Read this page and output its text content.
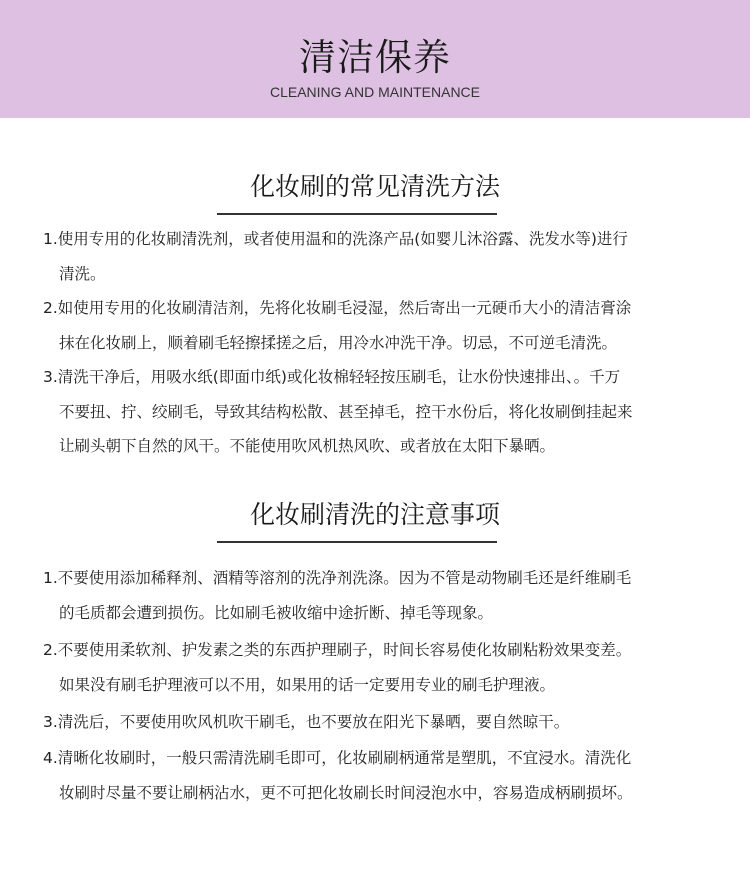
清洁保养
CLEANING AND MAINTENANCE
化妆刷的常见清洗方法
1.使用专用的化妆刷清洗剂，或者使用温和的洗涤产品(如婴儿沐浴露、洗发水等)进行
清洗。
2.如使用专用的化妆刷清洁剂，先将化妆刷毛浸湿，然后寄出一元硬币大小的清洁膏涂
抹在化妆刷上，顺着刷毛轻擦揉搓之后，用冷水冲洗干净。切忌，不可逆毛清洗。
3.清洗干净后，用吸水纸(即面巾纸)或化妆棉轻轻按压刷毛，让水份快速排出、。千万
不要扭、拧、绞刷毛，导致其结构松散、甚至掉毛，控干水份后，将化妆刷倒挂起来
让刷头朝下自然的风干。不能使用吹风机热风吹、或者放在太阳下暴晒。
化妆刷清洗的注意事项
1.不要使用添加稀释剂、酒精等溶剂的洗净剂洗涤。因为不管是动物刷毛还是纤维刷毛
的毛质都会遭到损伤。比如刷毛被收缩中途折断、掉毛等现象。
2.不要使用柔软剂、护发素之类的东西护理刷子，时间长容易使化妆刷粘粉效果变差。
如果没有刷毛护理液可以不用，如果用的话一定要用专业的刷毛护理液。
3.清洗后，不要使用吹风机吹干刷毛，也不要放在阳光下暴晒，要自然晾干。
4.清晰化妆刷时，一般只需清洗刷毛即可，化妆刷刷柄通常是塑肌，不宜浸水。清洗化
妆刷时尽量不要让刷柄沾水，更不可把化妆刷长时间浸泡水中，容易造成柄刷损坏。
